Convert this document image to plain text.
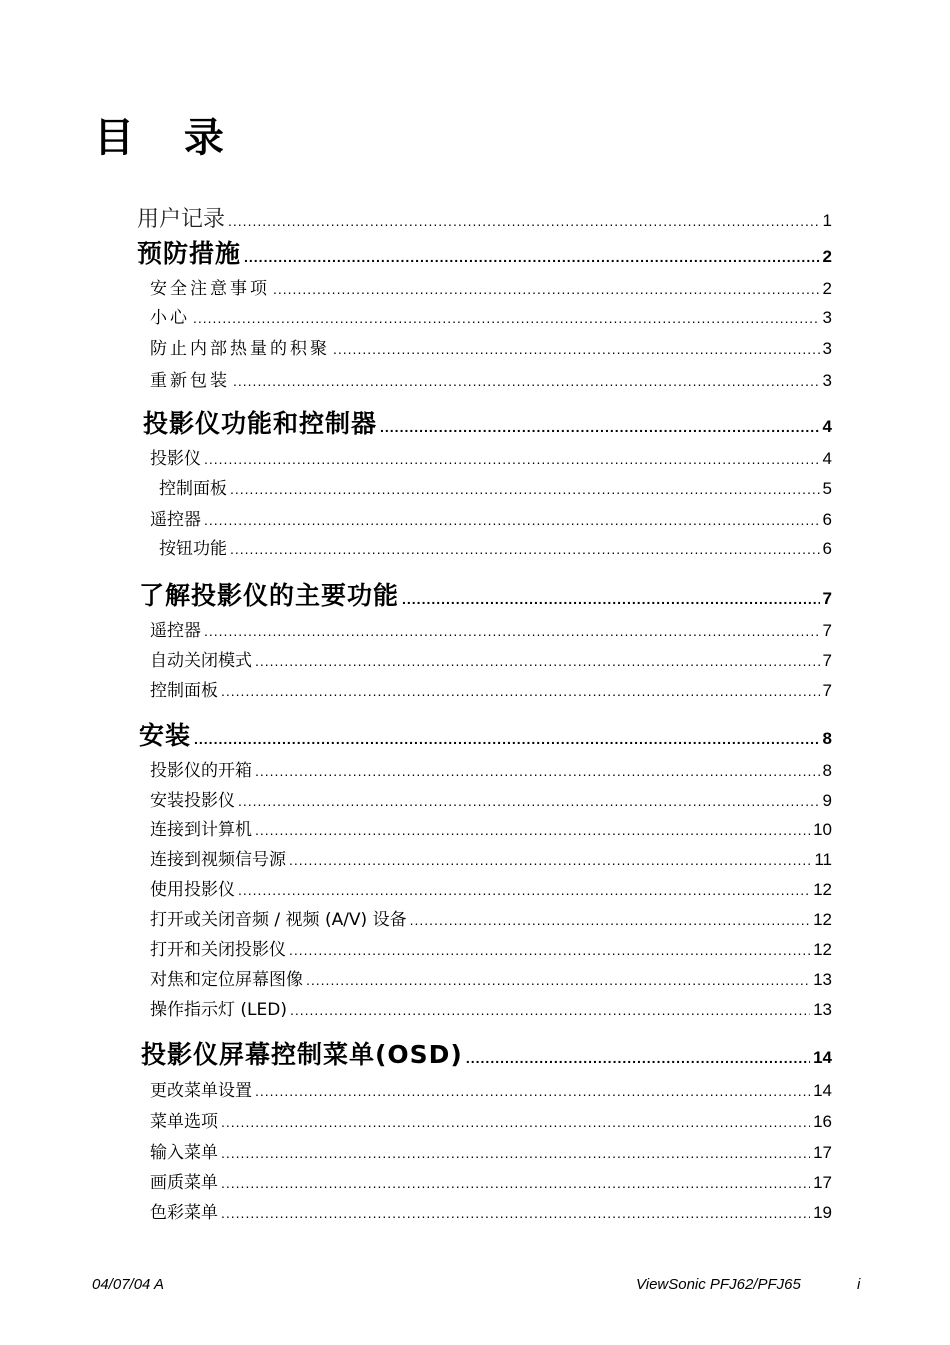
目 录
用户记录 .....	1
预防措施 .....	2
安全注意事项 .....	2
小心 .....	3
防止内部热量的积聚 .....	3
重新包装 .....	3
投影仪功能和控制器 .....	4
投影仪 .....	4
控制面板 .....	5
遥控器 .....	6
按钮功能 .....	6
了解投影仪的主要功能 .....	7
遥控器 .....	7
自动关闭模式 .....	7
控制面板 .....	7
安装 .....	8
投影仪的开箱 .....	8
安装投影仪 .....	9
连接到计算机 .....	10
连接到视频信号源 .....	11
使用投影仪 .....	12
打开或关闭音频 / 视频 (A/V) 设备 .....	12
打开和关闭投影仪 .....	12
对焦和定位屏幕图像 .....	13
操作指示灯 (LED) .....	13
投影仪屏幕控制菜单(OSD) .....	14
更改菜单设置 .....	14
菜单选项 .....	16
输入菜单 .....	17
画质菜单 .....	17
色彩菜单 .....	19
04/07/04 A	ViewSonic PFJ62/PFJ65	i
